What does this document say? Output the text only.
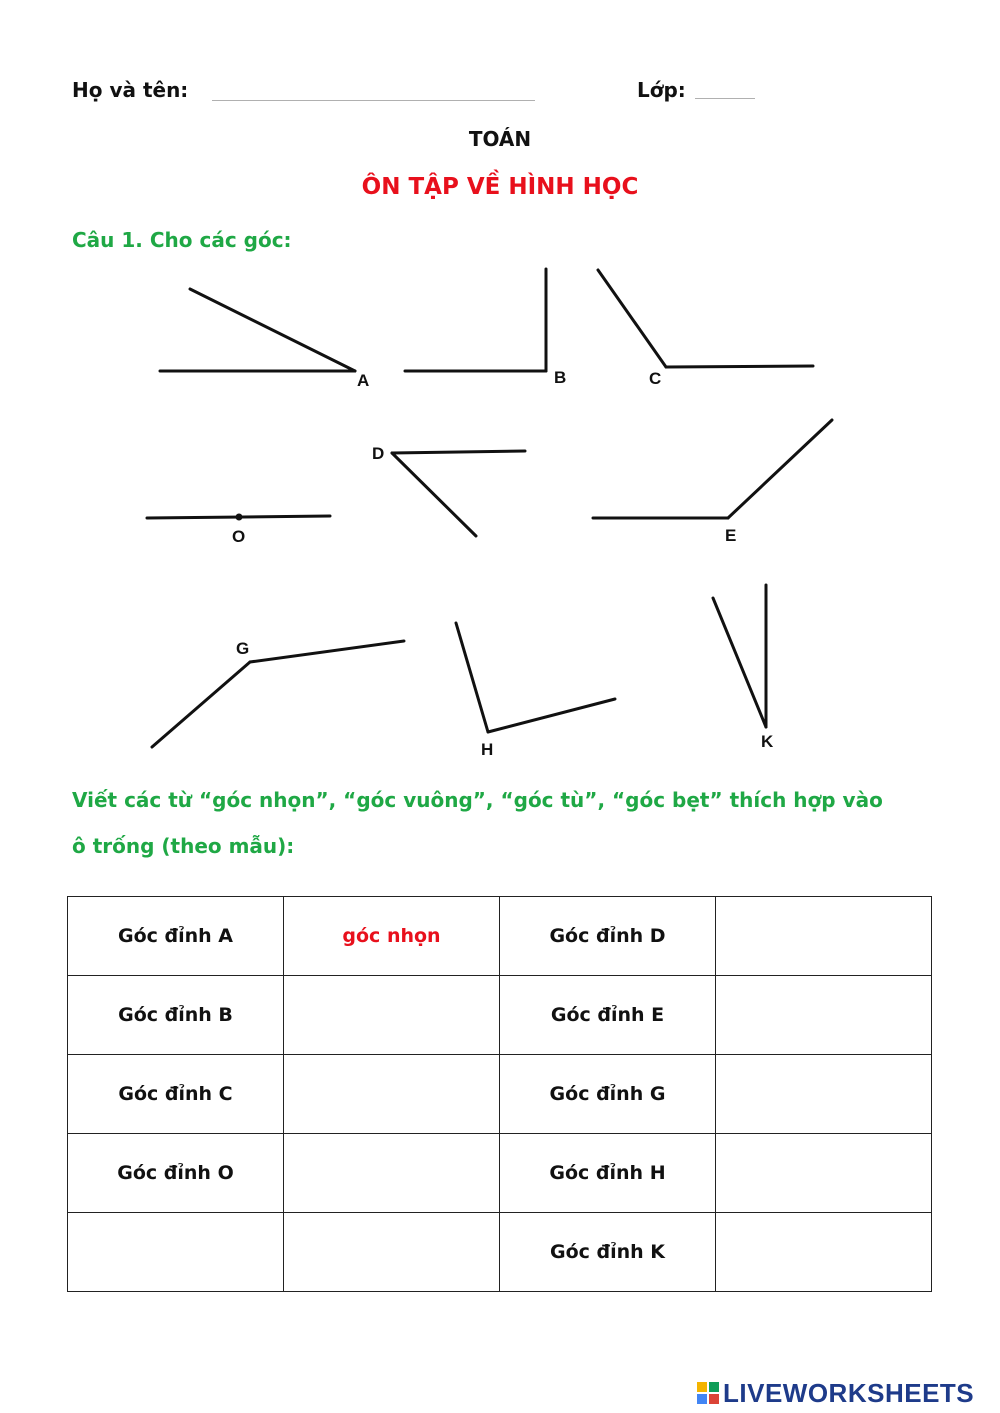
Họ và tên:	Lớp:
TOÁN
ÔN TẬP VỀ HÌNH HỌC
Câu 1. Cho các góc:
A	B	C
D
O	E
G
H	K
Viết các từ “góc nhọn”, “góc vuông”, “góc tù”, “góc bẹt” thích hợp vào
ô trống (theo mẫu):
Góc đỉnh A	góc nhọn	Góc đỉnh D	
Góc đỉnh B		Góc đỉnh E	
Góc đỉnh C		Góc đỉnh G	
Góc đỉnh O		Góc đỉnh H	
		Góc đỉnh K	
LIVEWORKSHEETS
